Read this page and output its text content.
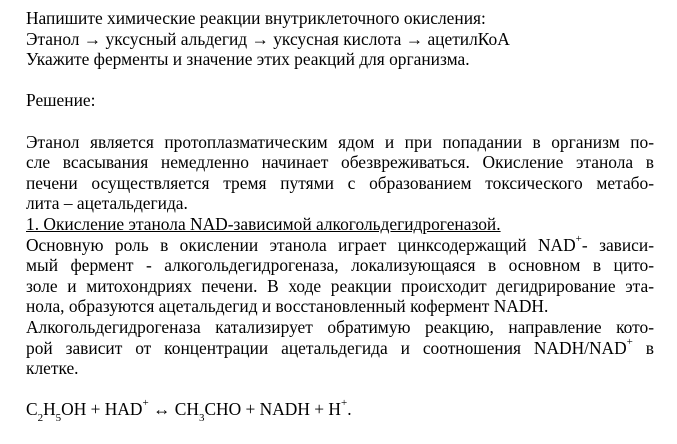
Напишите химические реакции внутриклеточного окисления:
Этанол → уксусный альдегид → уксусная кислота → ацетилКоА
Укажите ферменты и значение этих реакций для организма.
Решение:
Этанол является протоплазматическим ядом и при попадании в организм по-
сле всасывания немедленно начинает обезвреживаться. Окисление этанола в
печени осуществляется тремя путями с образованием токсического метабо-
лита – ацетальдегида.
1. Окисление этанола NAD-зависимой алкогольдегидрогеназой.
Основную роль в окислении этанола играет цинксодержащий NAD+- зависи-
мый фермент - алкогольдегидрогеназа, локализующаяся в основном в цито-
золе и митохондриях печени. В ходе реакции происходит дегидрирование эта-
нола, образуются ацетальдегид и восстановленный кофермент NADH.
Алкогольдегидрогеназа катализирует обратимую реакцию, направление кото-
рой зависит от концентрации ацетальдегида и соотношения NADH/NAD+ в
клетке.
$C_2H_5OH + HAD^+$ ↔ $CH_3CHO$ + NADH + H+.
